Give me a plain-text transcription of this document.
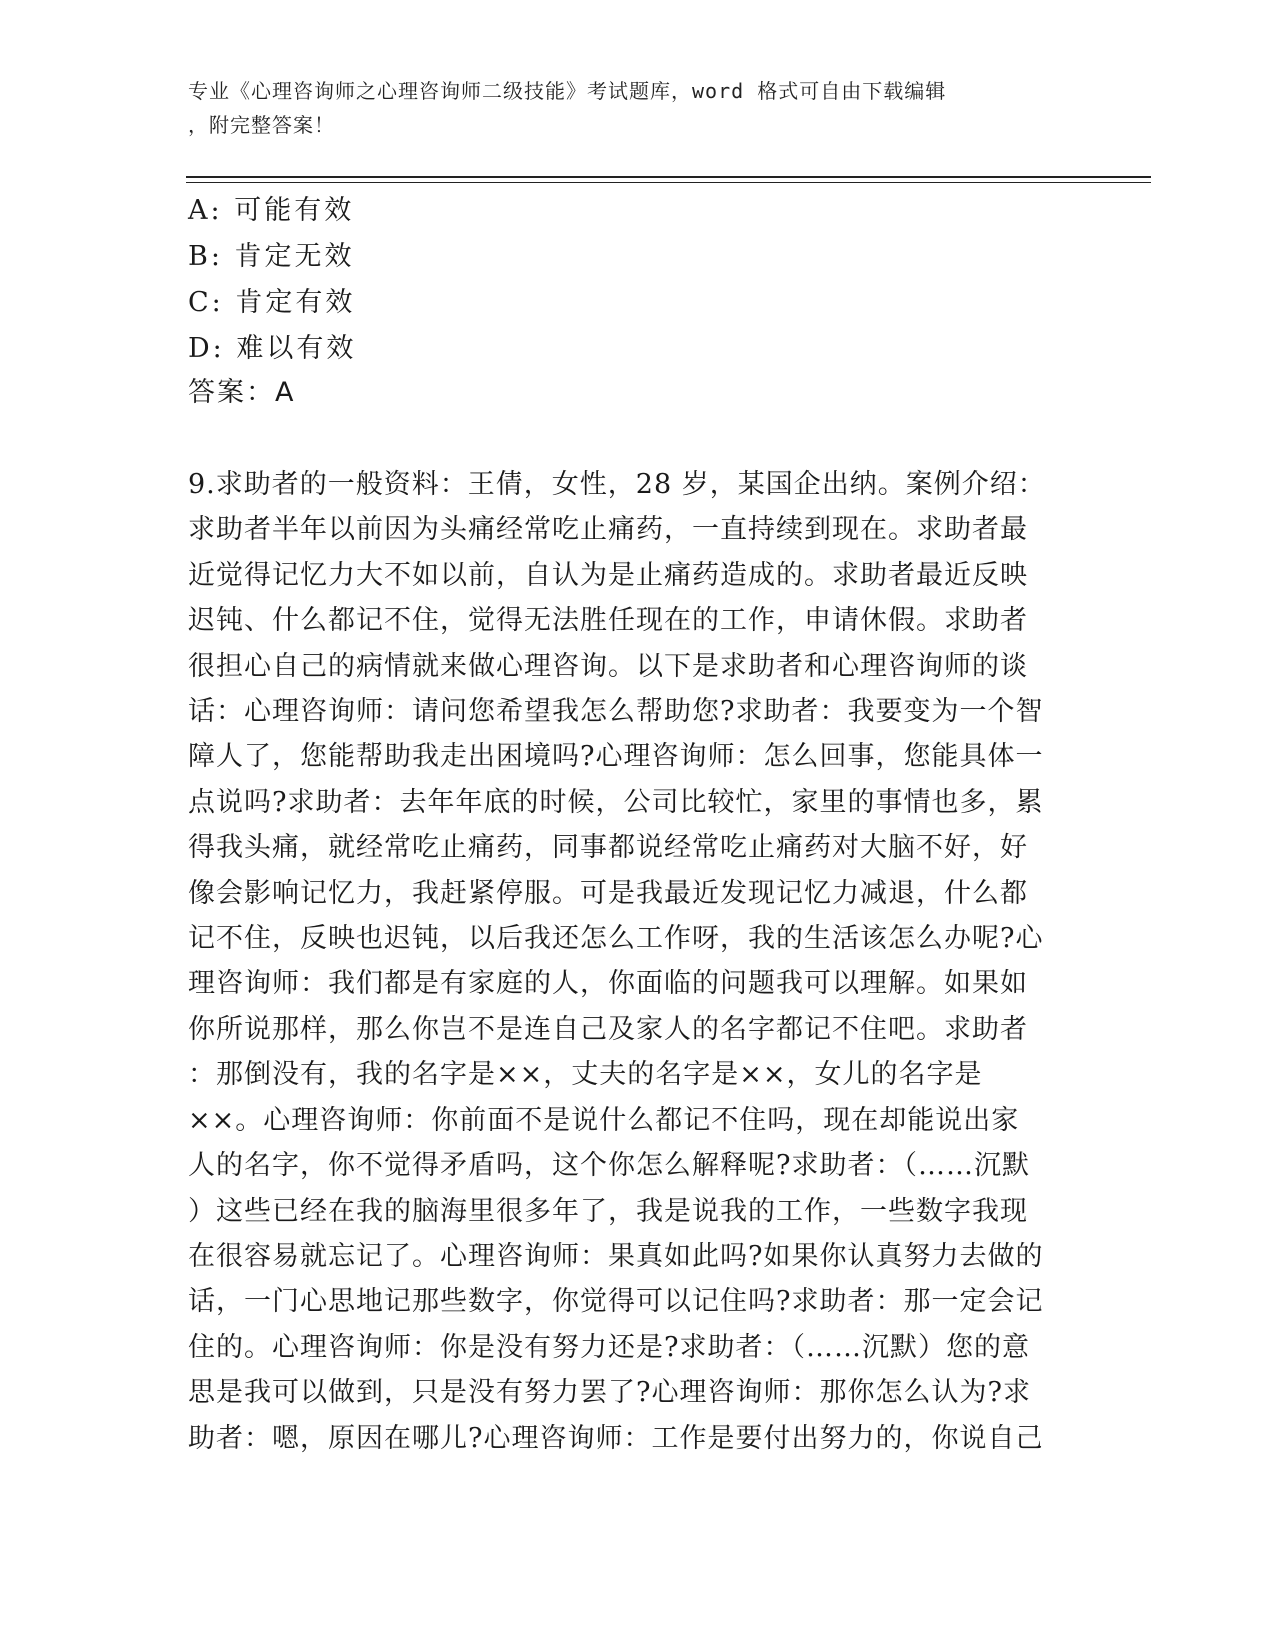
专业《心理咨询师之心理咨询师二级技能》考试题库，word 格式可自由下载编辑
，附完整答案！
A: 可能有效
B: 肯定无效
C: 肯定有效
D: 难以有效
答案：A
9.求助者的一般资料：王倩，女性，28 岁，某国企出纳。案例介绍：
求助者半年以前因为头痛经常吃止痛药，一直持续到现在。求助者最
近觉得记忆力大不如以前，自认为是止痛药造成的。求助者最近反映
迟钝、什么都记不住，觉得无法胜任现在的工作，申请休假。求助者
很担心自己的病情就来做心理咨询。以下是求助者和心理咨询师的谈
话：心理咨询师：请问您希望我怎么帮助您?求助者：我要变为一个智
障人了，您能帮助我走出困境吗?心理咨询师：怎么回事，您能具体一
点说吗?求助者：去年年底的时候，公司比较忙，家里的事情也多，累
得我头痛，就经常吃止痛药，同事都说经常吃止痛药对大脑不好，好
像会影响记忆力，我赶紧停服。可是我最近发现记忆力减退，什么都
记不住，反映也迟钝，以后我还怎么工作呀，我的生活该怎么办呢?心
理咨询师：我们都是有家庭的人，你面临的问题我可以理解。如果如
你所说那样，那么你岂不是连自己及家人的名字都记不住吧。求助者
：那倒没有，我的名字是××，丈夫的名字是××，女儿的名字是
××。心理咨询师：你前面不是说什么都记不住吗，现在却能说出家
人的名字，你不觉得矛盾吗，这个你怎么解释呢?求助者：（……沉默
）这些已经在我的脑海里很多年了，我是说我的工作，一些数字我现
在很容易就忘记了。心理咨询师：果真如此吗?如果你认真努力去做的
话，一门心思地记那些数字，你觉得可以记住吗?求助者：那一定会记
住的。心理咨询师：你是没有努力还是?求助者：（……沉默）您的意
思是我可以做到，只是没有努力罢了?心理咨询师：那你怎么认为?求
助者：嗯，原因在哪儿?心理咨询师：工作是要付出努力的，你说自己
